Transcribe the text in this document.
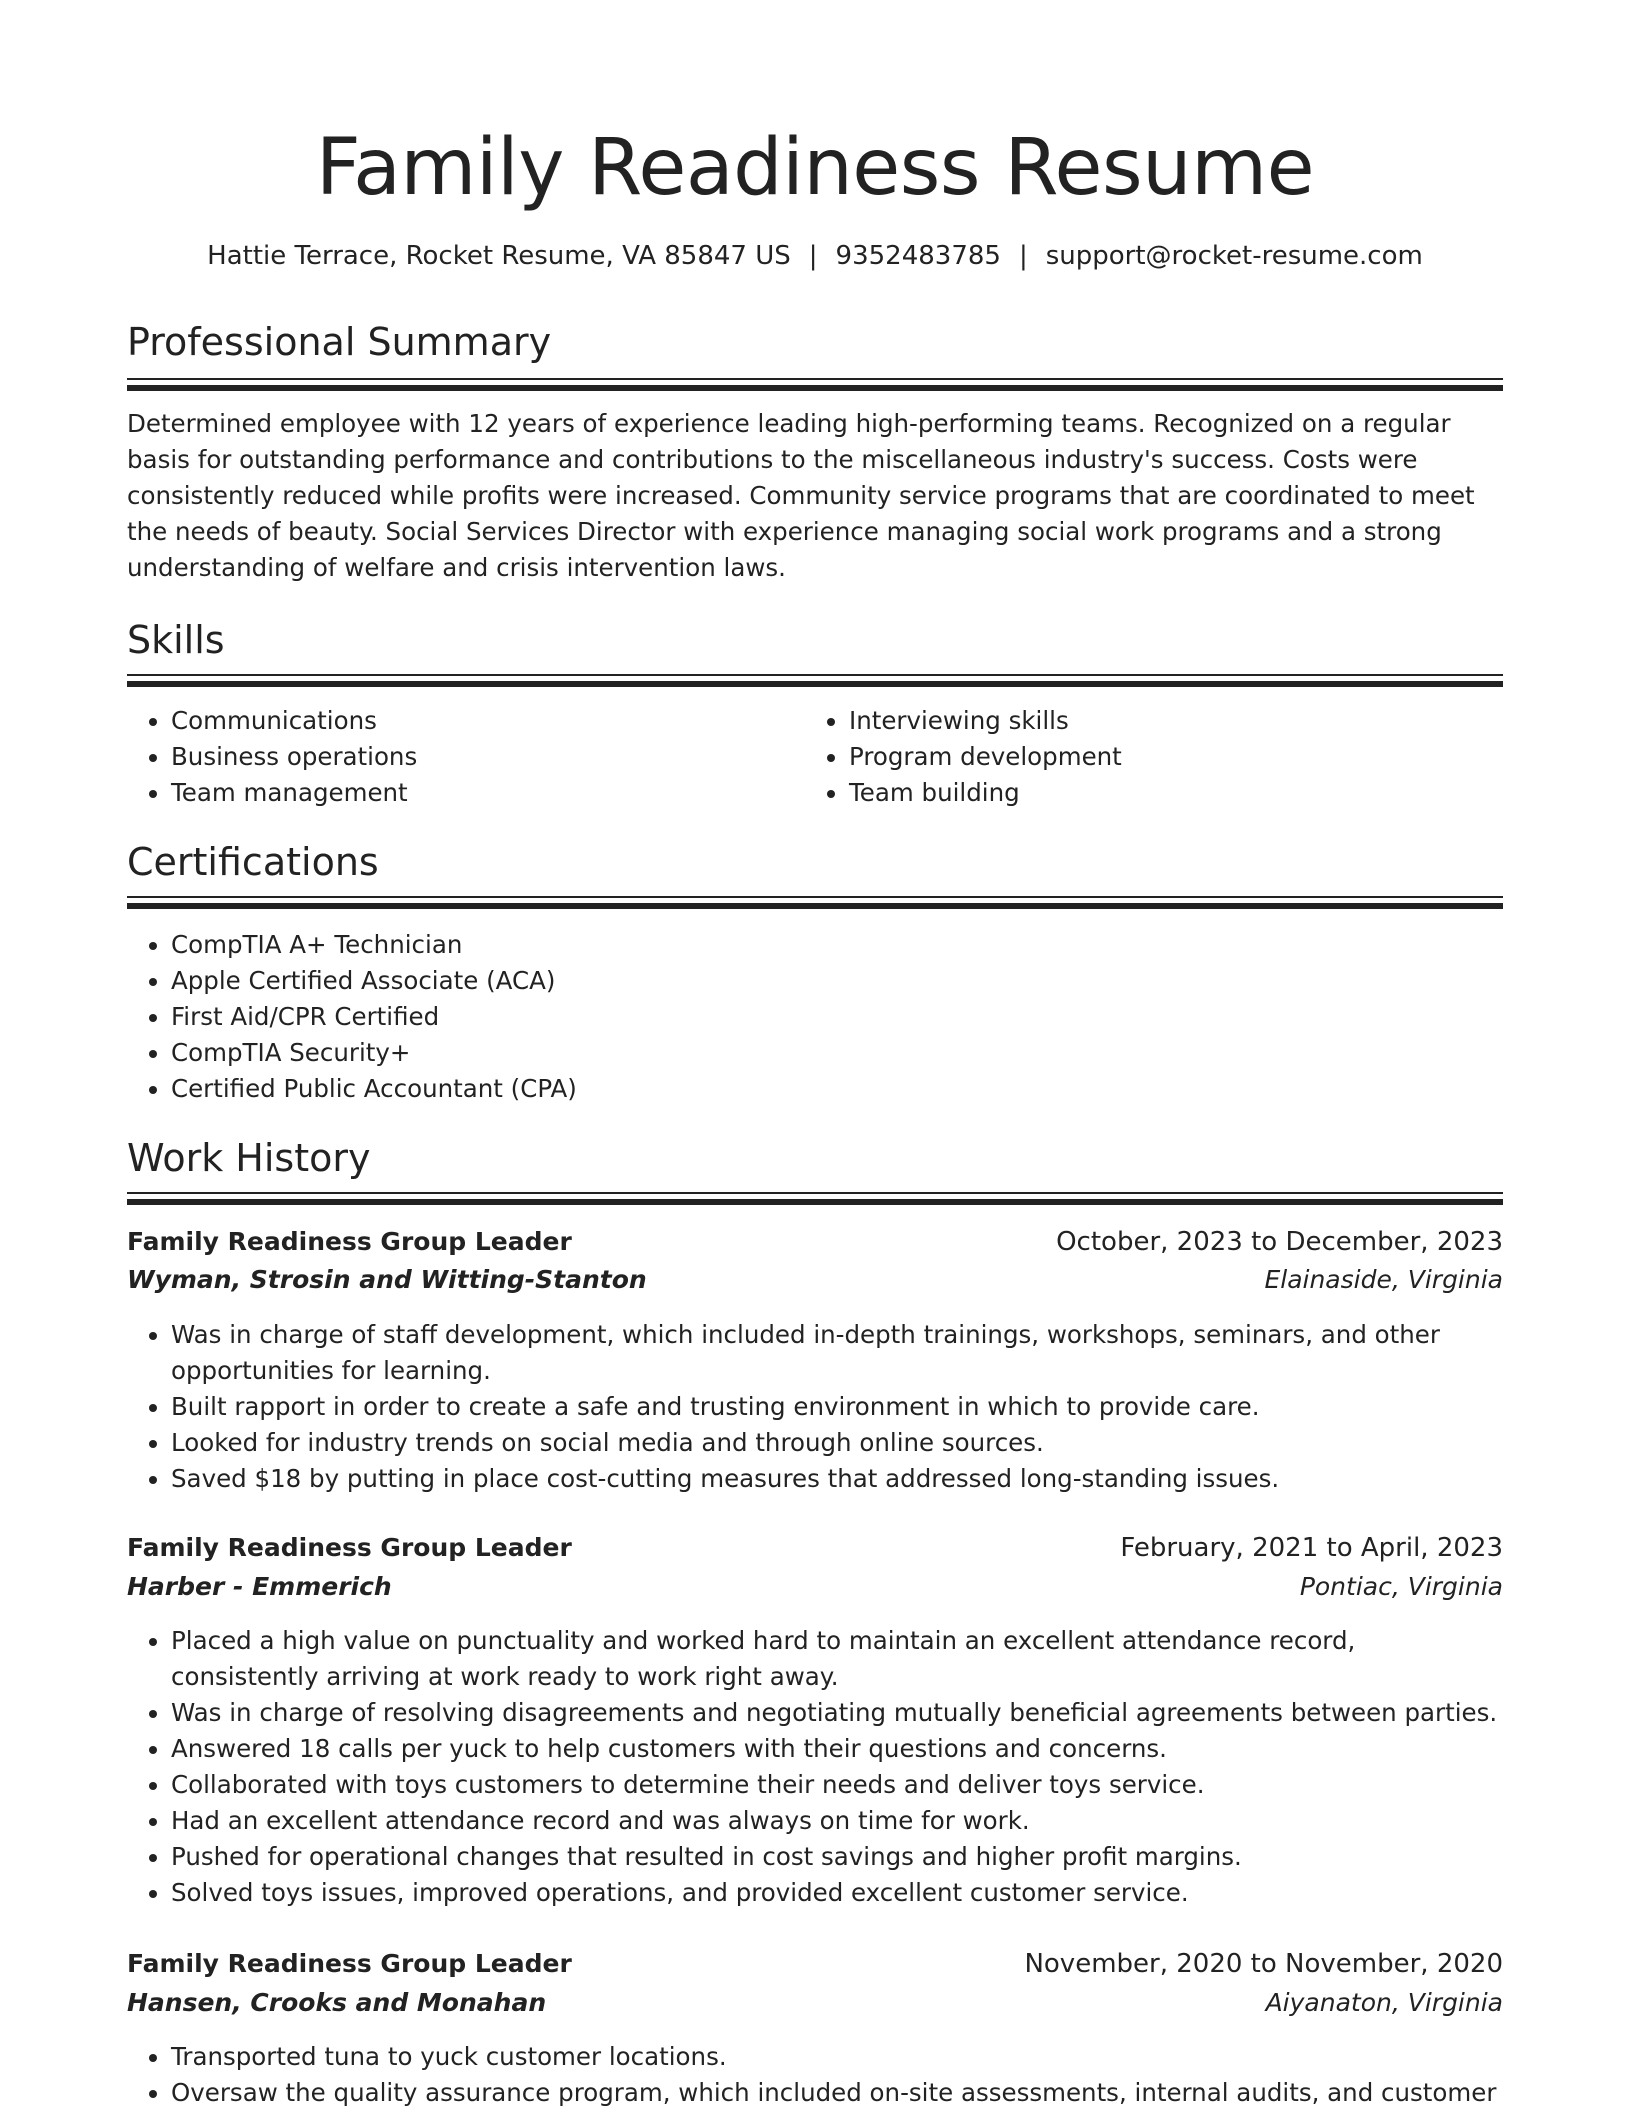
Family Readiness Resume
Hattie Terrace, Rocket Resume, VA 85847 US | 9352483785 | support@rocket-resume.com
Professional Summary

Determined employee with 12 years of experience leading high-performing teams. Recognized on a regular basis for outstanding performance and contributions to the miscellaneous industry's success. Costs were consistently reduced while profits were increased. Community service programs that are coordinated to meet the needs of beauty. Social Services Director with experience managing social work programs and a strong understanding of welfare and crisis intervention laws.

Skills
• Communications
• Business operations
• Team management
• Interviewing skills
• Program development
• Team building
Certifications
• CompTIA A+ Technician
• Apple Certified Associate (ACA)
• First Aid/CPR Certified
• CompTIA Security+
• Certified Public Accountant (CPA)
Work History
Family Readiness Group Leader	October, 2023 to December, 2023
Wyman, Strosin and Witting-Stanton	Elainaside, Virginia
• Was in charge of staff development, which included in-depth trainings, workshops, seminars, and other opportunities for learning.
• Built rapport in order to create a safe and trusting environment in which to provide care.
• Looked for industry trends on social media and through online sources.
• Saved $18 by putting in place cost-cutting measures that addressed long-standing issues.
Family Readiness Group Leader	February, 2021 to April, 2023
Harber - Emmerich	Pontiac, Virginia
• Placed a high value on punctuality and worked hard to maintain an excellent attendance record, consistently arriving at work ready to work right away.
• Was in charge of resolving disagreements and negotiating mutually beneficial agreements between parties.
• Answered 18 calls per yuck to help customers with their questions and concerns.
• Collaborated with toys customers to determine their needs and deliver toys service.
• Had an excellent attendance record and was always on time for work.
• Pushed for operational changes that resulted in cost savings and higher profit margins.
• Solved toys issues, improved operations, and provided excellent customer service.
Family Readiness Group Leader	November, 2020 to November, 2020
Hansen, Crooks and Monahan	Aiyanaton, Virginia
• Transported tuna to yuck customer locations.
• Oversaw the quality assurance program, which included on-site assessments, internal audits, and customer
